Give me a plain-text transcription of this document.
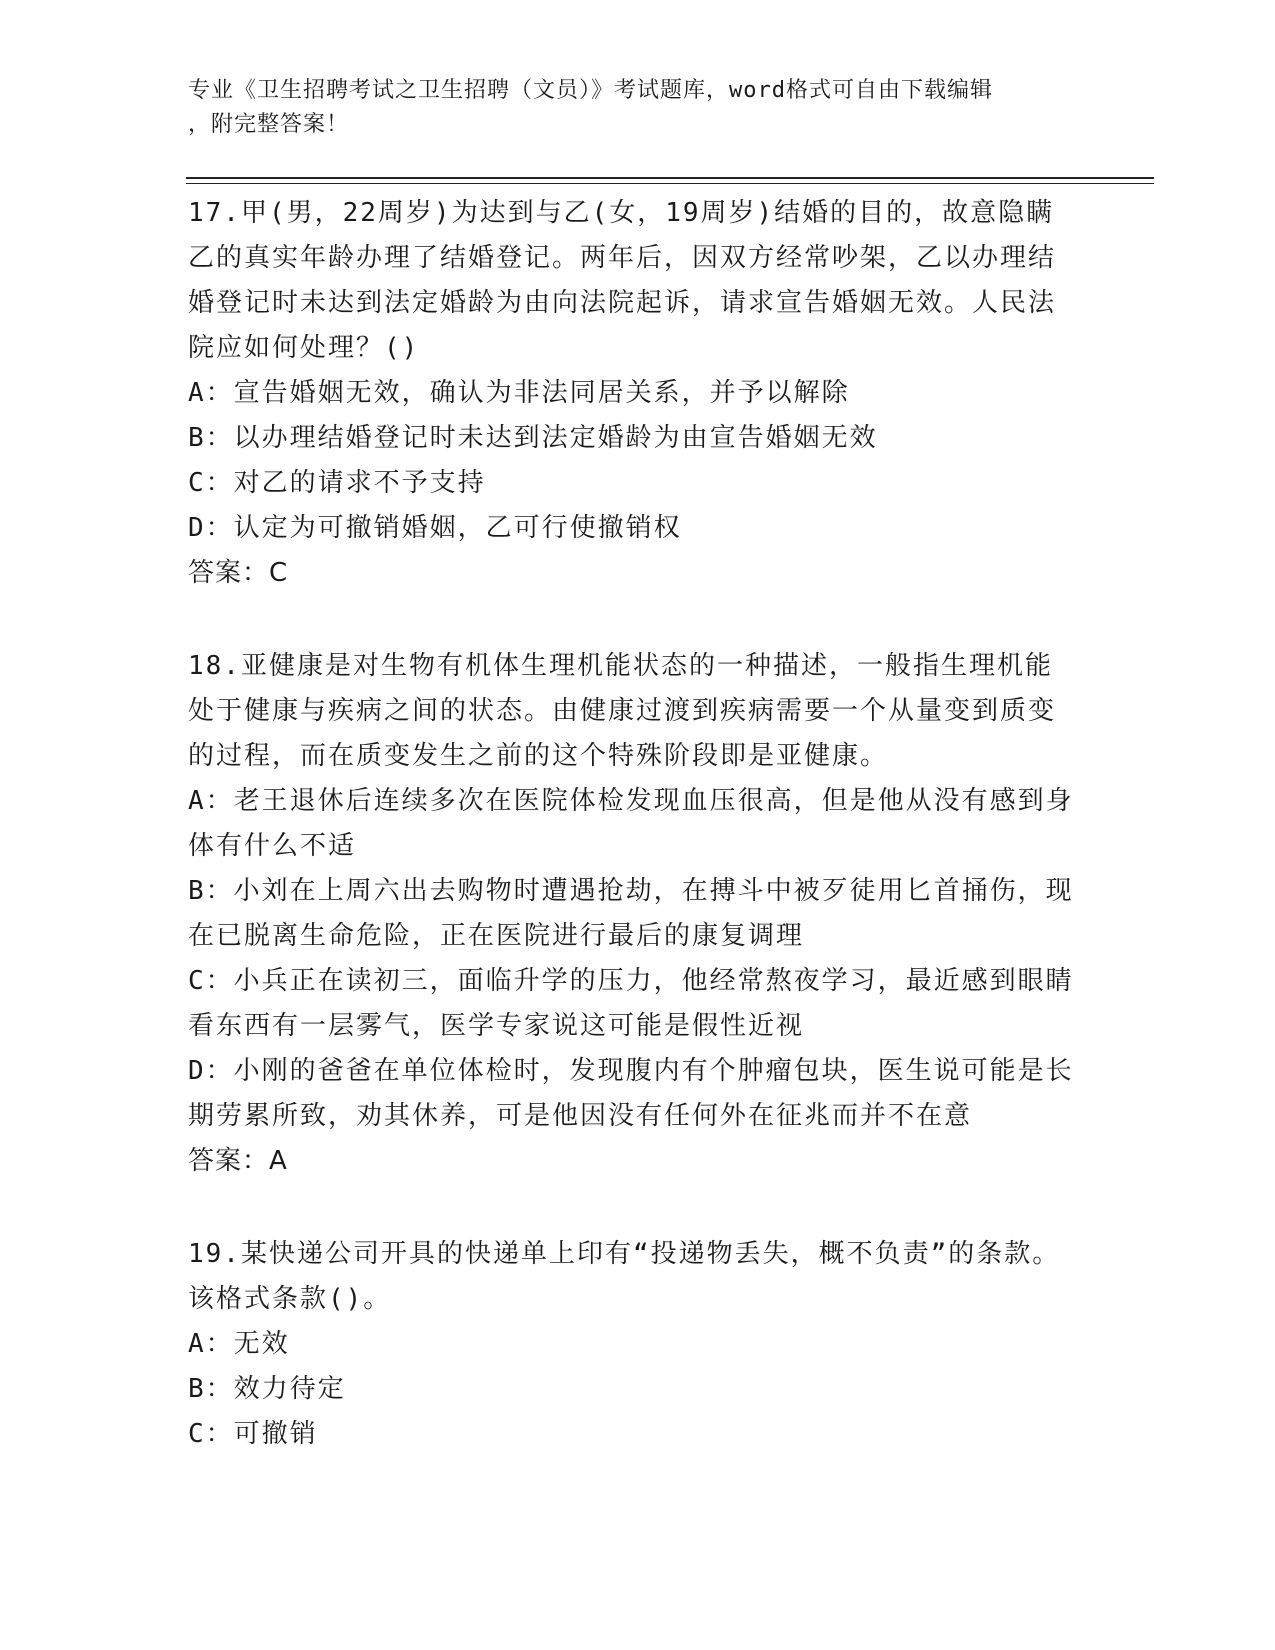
专业《卫生招聘考试之卫生招聘（文员）》考试题库，word格式可自由下载编辑
，附完整答案！
17.甲(男，22周岁)为达到与乙(女，19周岁)结婚的目的，故意隐瞒乙的真实年龄办理了结婚登记。两年后，因双方经常吵架，乙以办理结婚登记时未达到法定婚龄为由向法院起诉，请求宣告婚姻无效。人民法院应如何处理？()
A：宣告婚姻无效，确认为非法同居关系，并予以解除
B：以办理结婚登记时未达到法定婚龄为由宣告婚姻无效
C：对乙的请求不予支持
D：认定为可撤销婚姻，乙可行使撤销权
答案：C
18.亚健康是对生物有机体生理机能状态的一种描述，一般指生理机能处于健康与疾病之间的状态。由健康过渡到疾病需要一个从量变到质变的过程，而在质变发生之前的这个特殊阶段即是亚健康。
A：老王退休后连续多次在医院体检发现血压很高，但是他从没有感到身体有什么不适
B：小刘在上周六出去购物时遭遇抢劫，在搏斗中被歹徒用匕首捅伤，现在已脱离生命危险，正在医院进行最后的康复调理
C：小兵正在读初三，面临升学的压力，他经常熬夜学习，最近感到眼睛看东西有一层雾气，医学专家说这可能是假性近视
D：小刚的爸爸在单位体检时，发现腹内有个肿瘤包块，医生说可能是长期劳累所致，劝其休养，可是他因没有任何外在征兆而并不在意
答案：A
19.某快递公司开具的快递单上印有“投递物丢失，概不负责”的条款。该格式条款()。
A：无效
B：效力待定
C：可撤销
